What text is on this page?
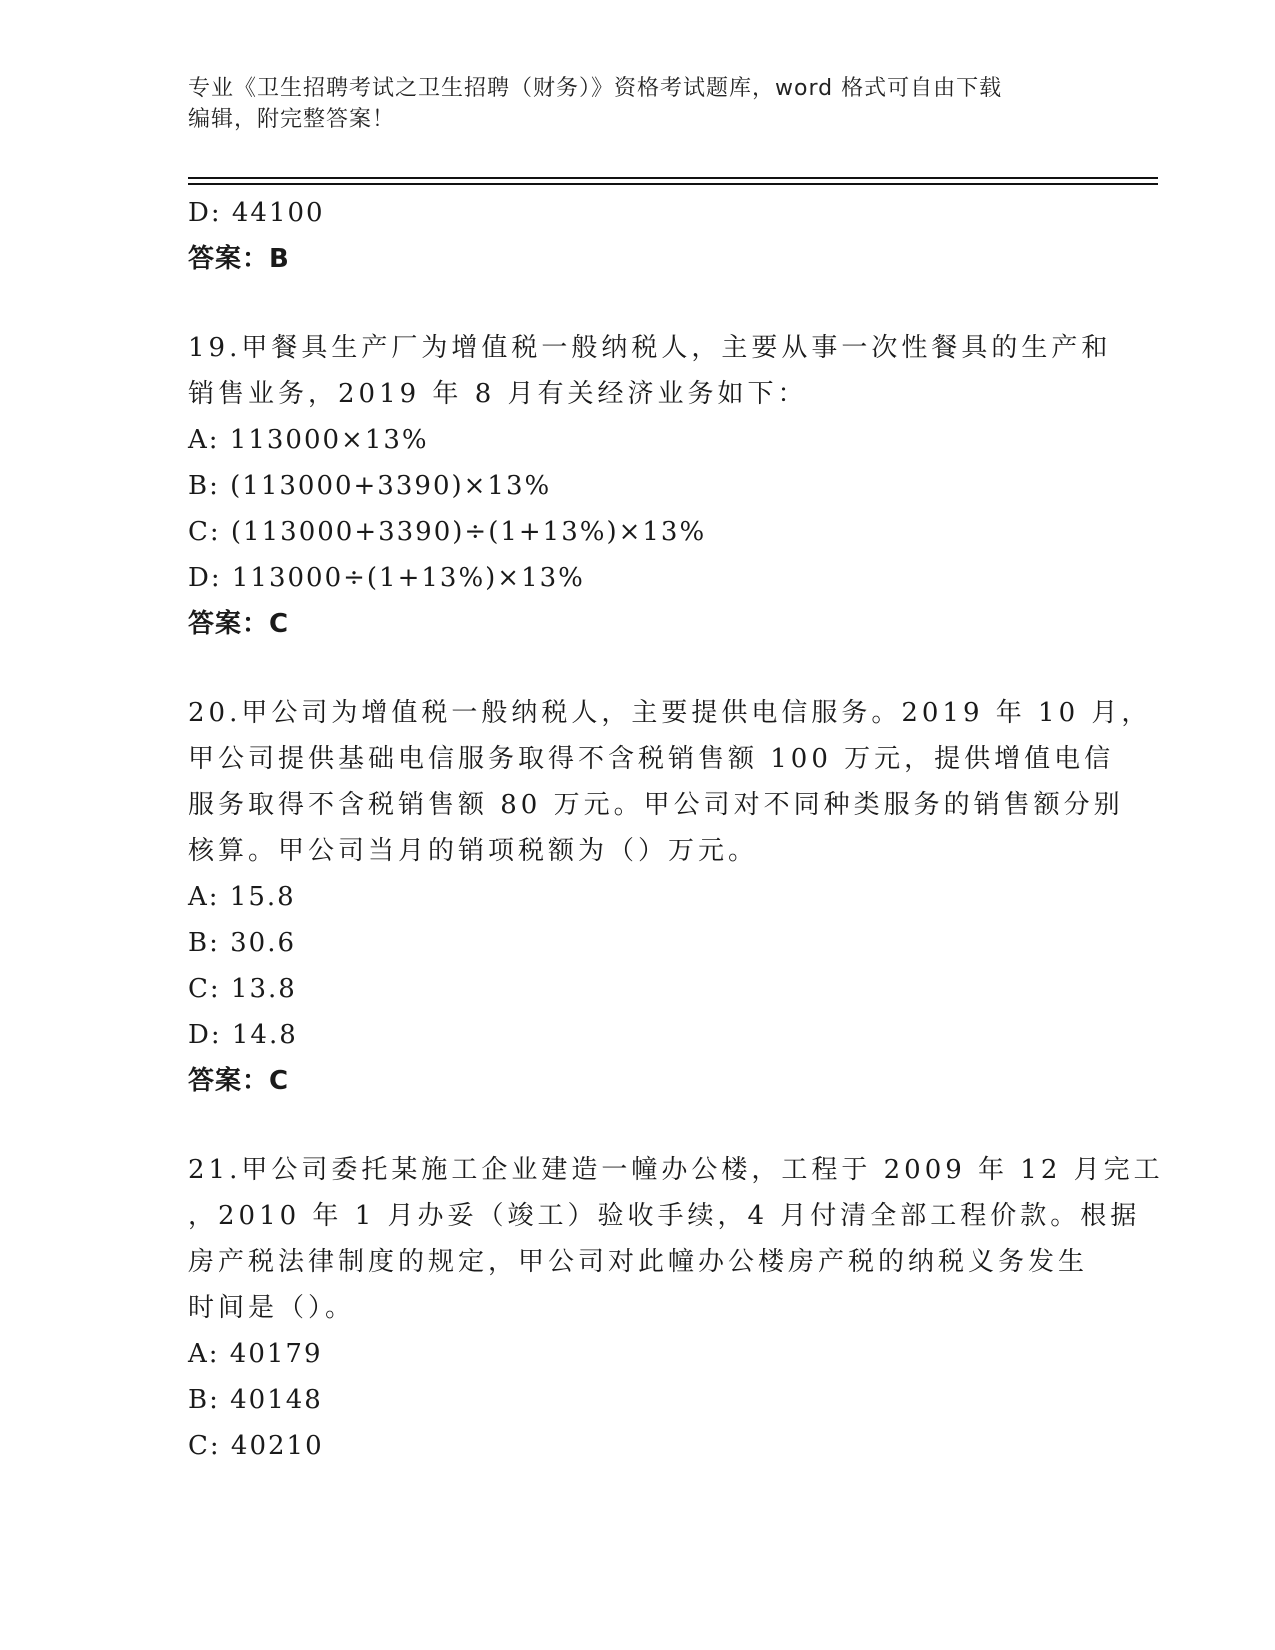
专业《卫生招聘考试之卫生招聘（财务）》资格考试题库，word 格式可自由下载
编辑，附完整答案！
D: 44100
答案：B
19.甲餐具生产厂为增值税一般纳税人，主要从事一次性餐具的生产和
销售业务，2019 年 8 月有关经济业务如下：
A: 113000×13%
B: (113000+3390)×13%
C: (113000+3390)÷(1+13%)×13%
D: 113000÷(1+13%)×13%
答案：C
20.甲公司为增值税一般纳税人，主要提供电信服务。2019 年 10 月，
甲公司提供基础电信服务取得不含税销售额 100 万元，提供增值电信
服务取得不含税销售额 80 万元。甲公司对不同种类服务的销售额分别
核算。甲公司当月的销项税额为（）万元。
A: 15.8
B: 30.6
C: 13.8
D: 14.8
答案：C
21.甲公司委托某施工企业建造一幢办公楼，工程于 2009 年 12 月完工
，2010 年 1 月办妥（竣工）验收手续，4 月付清全部工程价款。根据
房产税法律制度的规定，甲公司对此幢办公楼房产税的纳税义务发生
时间是（）。
A: 40179
B: 40148
C: 40210
